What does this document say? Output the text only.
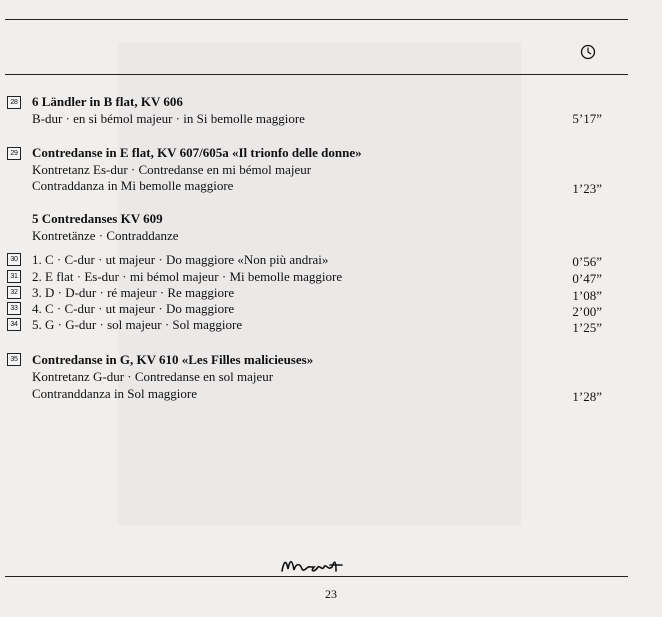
28 6 Ländler in B flat, KV 606
B-dur · en si bémol majeur · in Si bemolle maggiore	5’17”
29 Contredanse in E flat, KV 607/605a «Il trionfo delle donne»
Kontretanz Es-dur · Contredanse en mi bémol majeur
Contraddanza in Mi bemolle maggiore	1’23”
5 Contredanses KV 609
Kontretänze · Contraddanze
30 1. C · C-dur · ut majeur · Do maggiore «Non più andrai»	0’56”
31 2. E flat · Es-dur · mi bémol majeur · Mi bemolle maggiore	0’47”
32 3. D · D-dur · ré majeur · Re maggiore	1’08”
33 4. C · C-dur · ut majeur · Do maggiore	2’00”
34 5. G · G-dur · sol majeur · Sol maggiore	1’25”
35 Contredanse in G, KV 610 «Les Filles malicieuses»
Kontretanz G-dur · Contredanse en sol majeur
Contranddanza in Sol maggiore	1’28”
23
